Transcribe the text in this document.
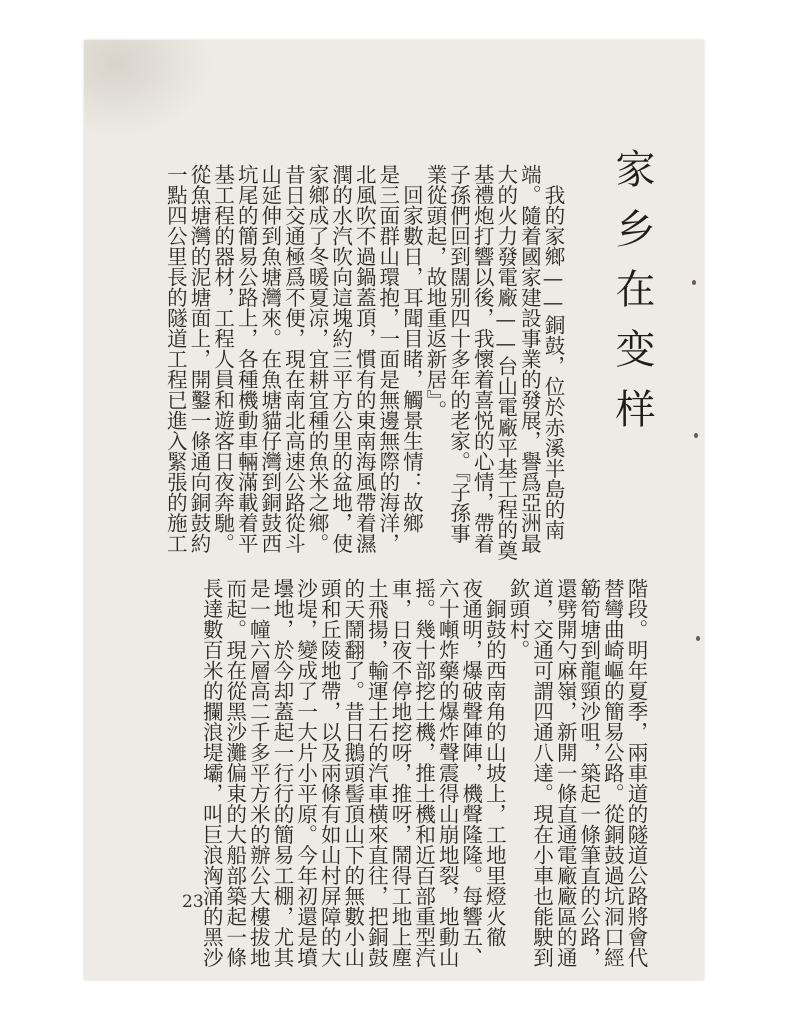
家乡在变样
　我的家鄉——銅鼓，位於赤溪半島的南
端。隨着國家建設事業的發展，譽爲亞洲最
大的火力發電廠——台山電廠平基工程的奠
基禮炮打響以後，我懷着喜悦的心情，帶着
子孫們回到闊别四十多年的老家。『子孫事
業從頭起，故地重返新居』。
　回家數日，耳聞目睹，觸景生情：故鄉
是三面群山環抱，一面是無邊無際的海洋，
北風吹不過鍋蓋頂，慣有的東南海風帶着濕
潤的水汽吹向這塊約三平方公里的盆地，使
家鄉成了冬暖夏凉，宜耕宜種的魚米之鄉。
昔日交通極爲不便，現在南北高速公路從斗
山延伸到魚塘灣來。在魚塘貓仔灣到銅鼓西
坑尾的簡易公路上，各種機動車輛滿載着平
基工程的器材，工程人員和遊客日夜奔馳。
從魚塘灣的泥塘面上，開鑿一條通向銅鼓約
一點四公里長的隧道工程已進入緊張的施工
階段。明年夏季，兩車道的隧道公路將會代
替彎曲崎嶇的簡易公路。從銅鼓過坑洞口經
簕筍塘到龍頸沙咀，築起一條筆直的公路，
還劈開勺麻嶺，新開一條直通電廠廠區的通
道，交通可謂四通八達。現在小車也能駛到
欽頭村。
　銅鼓的西南角的山坡上，工地里燈火徹
夜通明，爆破聲陣陣，機聲隆隆。每響五、
六十噸炸藥的爆炸聲震得山崩地裂，地動山
摇。幾十部挖土機，推土機和近百部重型汽
車，日夜不停地挖呀，推呀，鬧得工地上塵
土飛揚，輸運土石的汽車横來直往，把銅鼓
的天鬧翻了。昔日鵝頭髻頂山下的無數小山
頭和丘陵地帶，以及兩條有如山村屏障的大
沙堤，變成了一大片小平原。今年初還是墳
壜地，於今却蓋起一行行的簡易工棚，尤其
是一幢六層高二千多平方米的辦公大樓拔地
而起。現在從黑沙灘偏東的大船部築起一條
長達數百米的攔浪堤壩，叫巨浪洶涌的黑沙
23
